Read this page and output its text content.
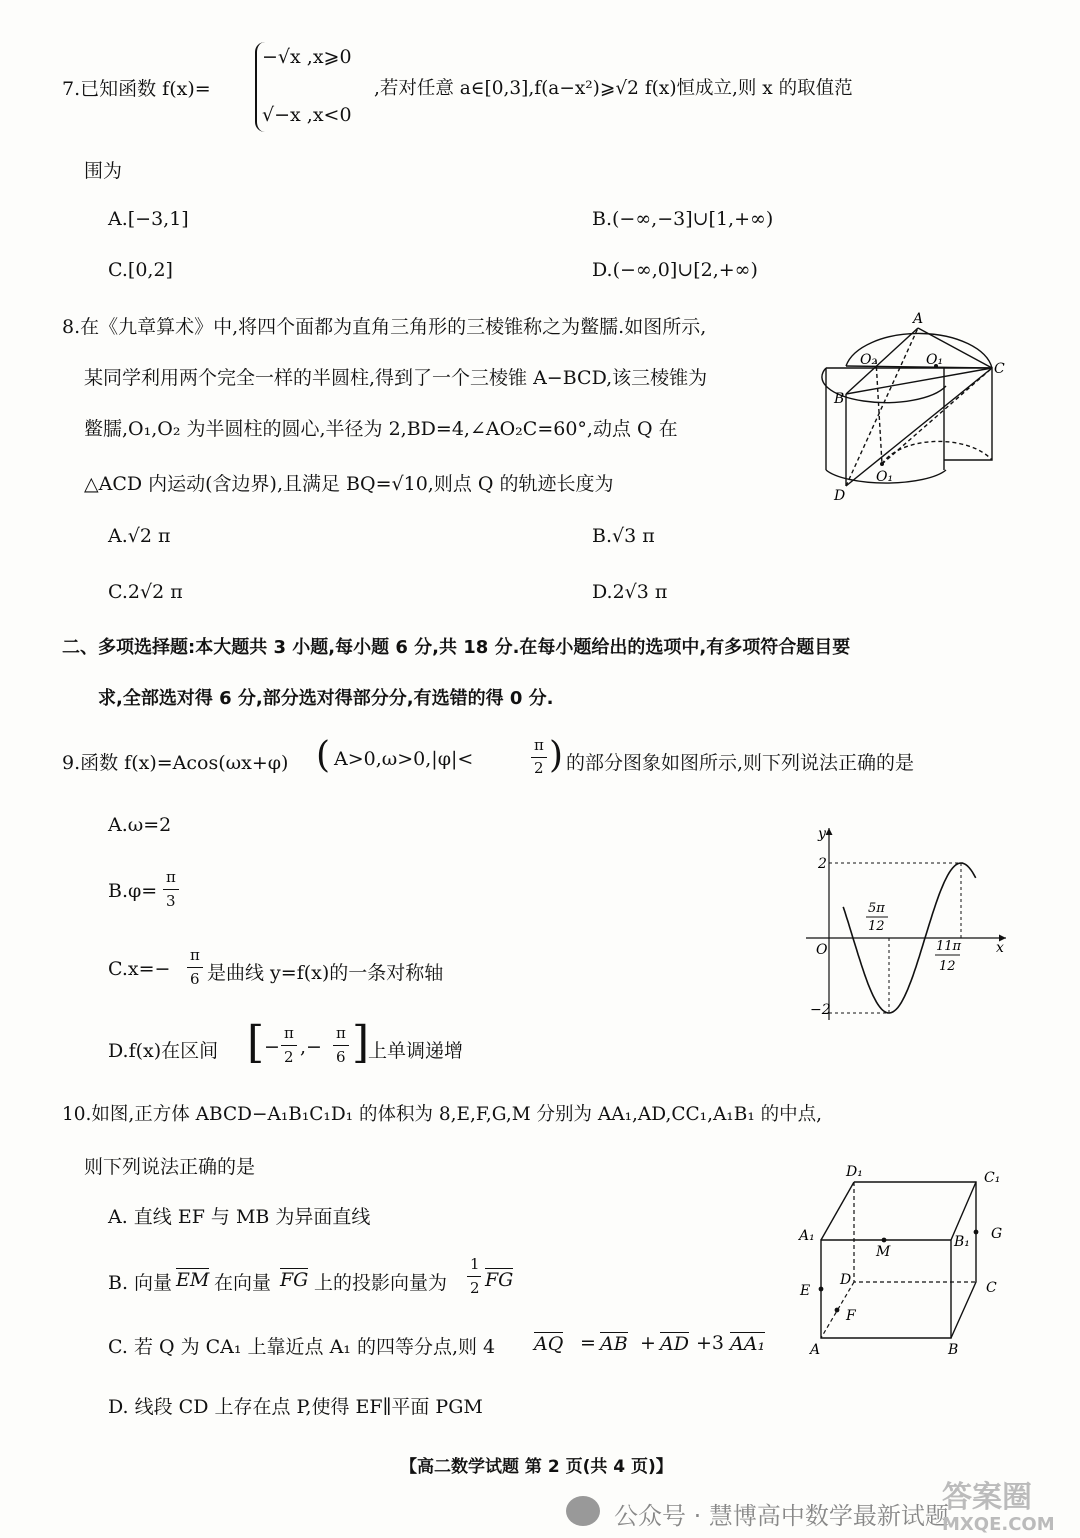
7.已知函数 f(x)=
−√x ,x⩾0
√−x ,x<0
,若对任意 a∈[0,3],f(a−x²)⩾√2 f(x)恒成立,则 x 的取值范
围为
A.[−3,1]	B.(−∞,−3]∪[1,+∞)
C.[0,2]	D.(−∞,0]∪[2,+∞)
8.在《九章算术》中,将四个面都为直角三角形的三棱锥称之为鳖臑.如图所示,
某同学利用两个完全一样的半圆柱,得到了一个三棱锥 A−BCD,该三棱锥为
鳖臑,O₁,O₂ 为半圆柱的圆心,半径为 2,BD=4,∠AO₂C=60°,动点 Q 在
△ACD 内运动(含边界),且满足 BQ=√10,则点 Q 的轨迹长度为
A
O₂	O₁
C
B
O₁
D
A.√2 π	B.√3 π
C.2√2 π	D.2√3 π
二、多项选择题:本大题共 3 小题,每小题 6 分,共 18 分.在每小题给出的选项中,有多项符合题目要
求,全部选对得 6 分,部分选对得部分分,有选错的得 0 分.
9.函数 f(x)=Acos(ωx+φ) ( A>0,ω>0,|φ|<
π
2 ) 的部分图象如图所示,则下列说法正确的是
A.ω=2
B.φ=
π
3
C.x=−
π
6 是曲线 y=f(x)的一条对称轴
D.f(x)在区间 [ −
π
2 ,−
π
6 ]
上单调递增
y
x
O
2
−2
5π
12
11π
12
10.如图,正方体 ABCD−A₁B₁C₁D₁ 的体积为 8,E,F,G,M 分别为 AA₁,AD,CC₁,A₁B₁ 的中点,
则下列说法正确的是
A. 直线 EF 与 MB 为异面直线
B. 向量 EM 在向量 FG 上的投影向量为
1
2 FG
C. 若 Q 为 CA₁ 上靠近点 A₁ 的四等分点,则 4 AQ = AB + AD +3 AA₁
D. 线段 CD 上存在点 P,使得 EF∥平面 PGM
D₁	C₁
A₁
M
B₁ G
E
D	C
F
A	B
【高二数学试题 第 2 页(共 4 页)】
公众号 · 慧博高中数学最新试题
答案圈
MXQE.COM
